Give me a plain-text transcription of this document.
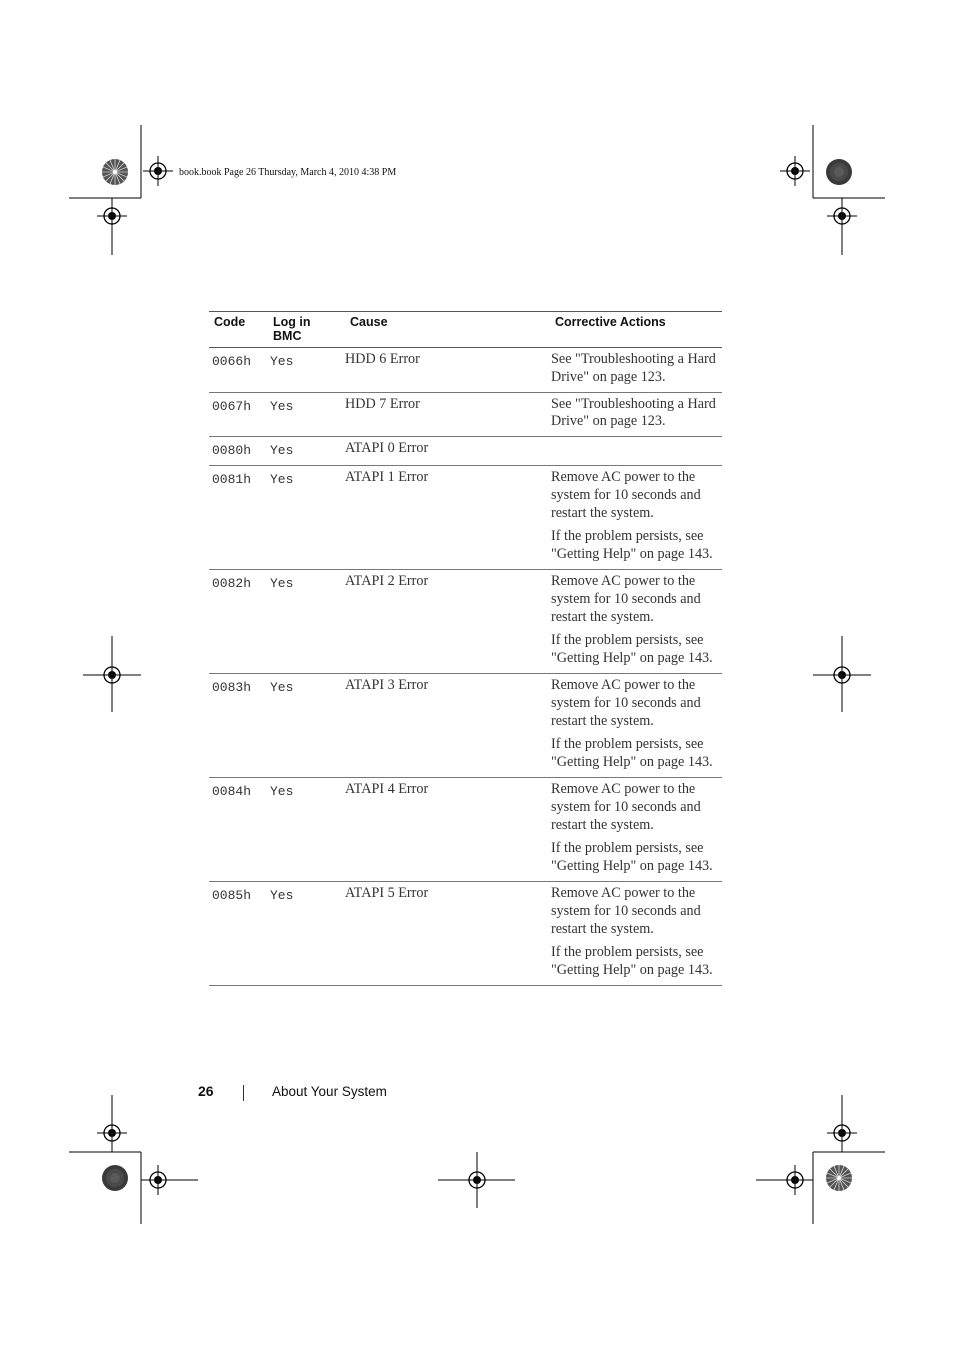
book.book Page 26 Thursday, March 4, 2010 4:38 PM
Code	Log in BMC	Cause	Corrective Actions
0066h	Yes	HDD 6 Error	See "Troubleshooting a Hard Drive" on page 123.

0067h	Yes	HDD 7 Error	See "Troubleshooting a Hard Drive" on page 123.

0080h	Yes	ATAPI 0 Error	
0081h	Yes	ATAPI 1 Error	Remove AC power to the system for 10 seconds and restart the system.

If the problem persists, see "Getting Help" on page 143.

0082h	Yes	ATAPI 2 Error	Remove AC power to the system for 10 seconds and restart the system.

If the problem persists, see "Getting Help" on page 143.

0083h	Yes	ATAPI 3 Error	Remove AC power to the system for 10 seconds and restart the system.

If the problem persists, see "Getting Help" on page 143.

0084h	Yes	ATAPI 4 Error	Remove AC power to the system for 10 seconds and restart the system.

If the problem persists, see "Getting Help" on page 143.

0085h	Yes	ATAPI 5 Error	Remove AC power to the system for 10 seconds and restart the system.

If the problem persists, see "Getting Help" on page 143.

26	About Your System
